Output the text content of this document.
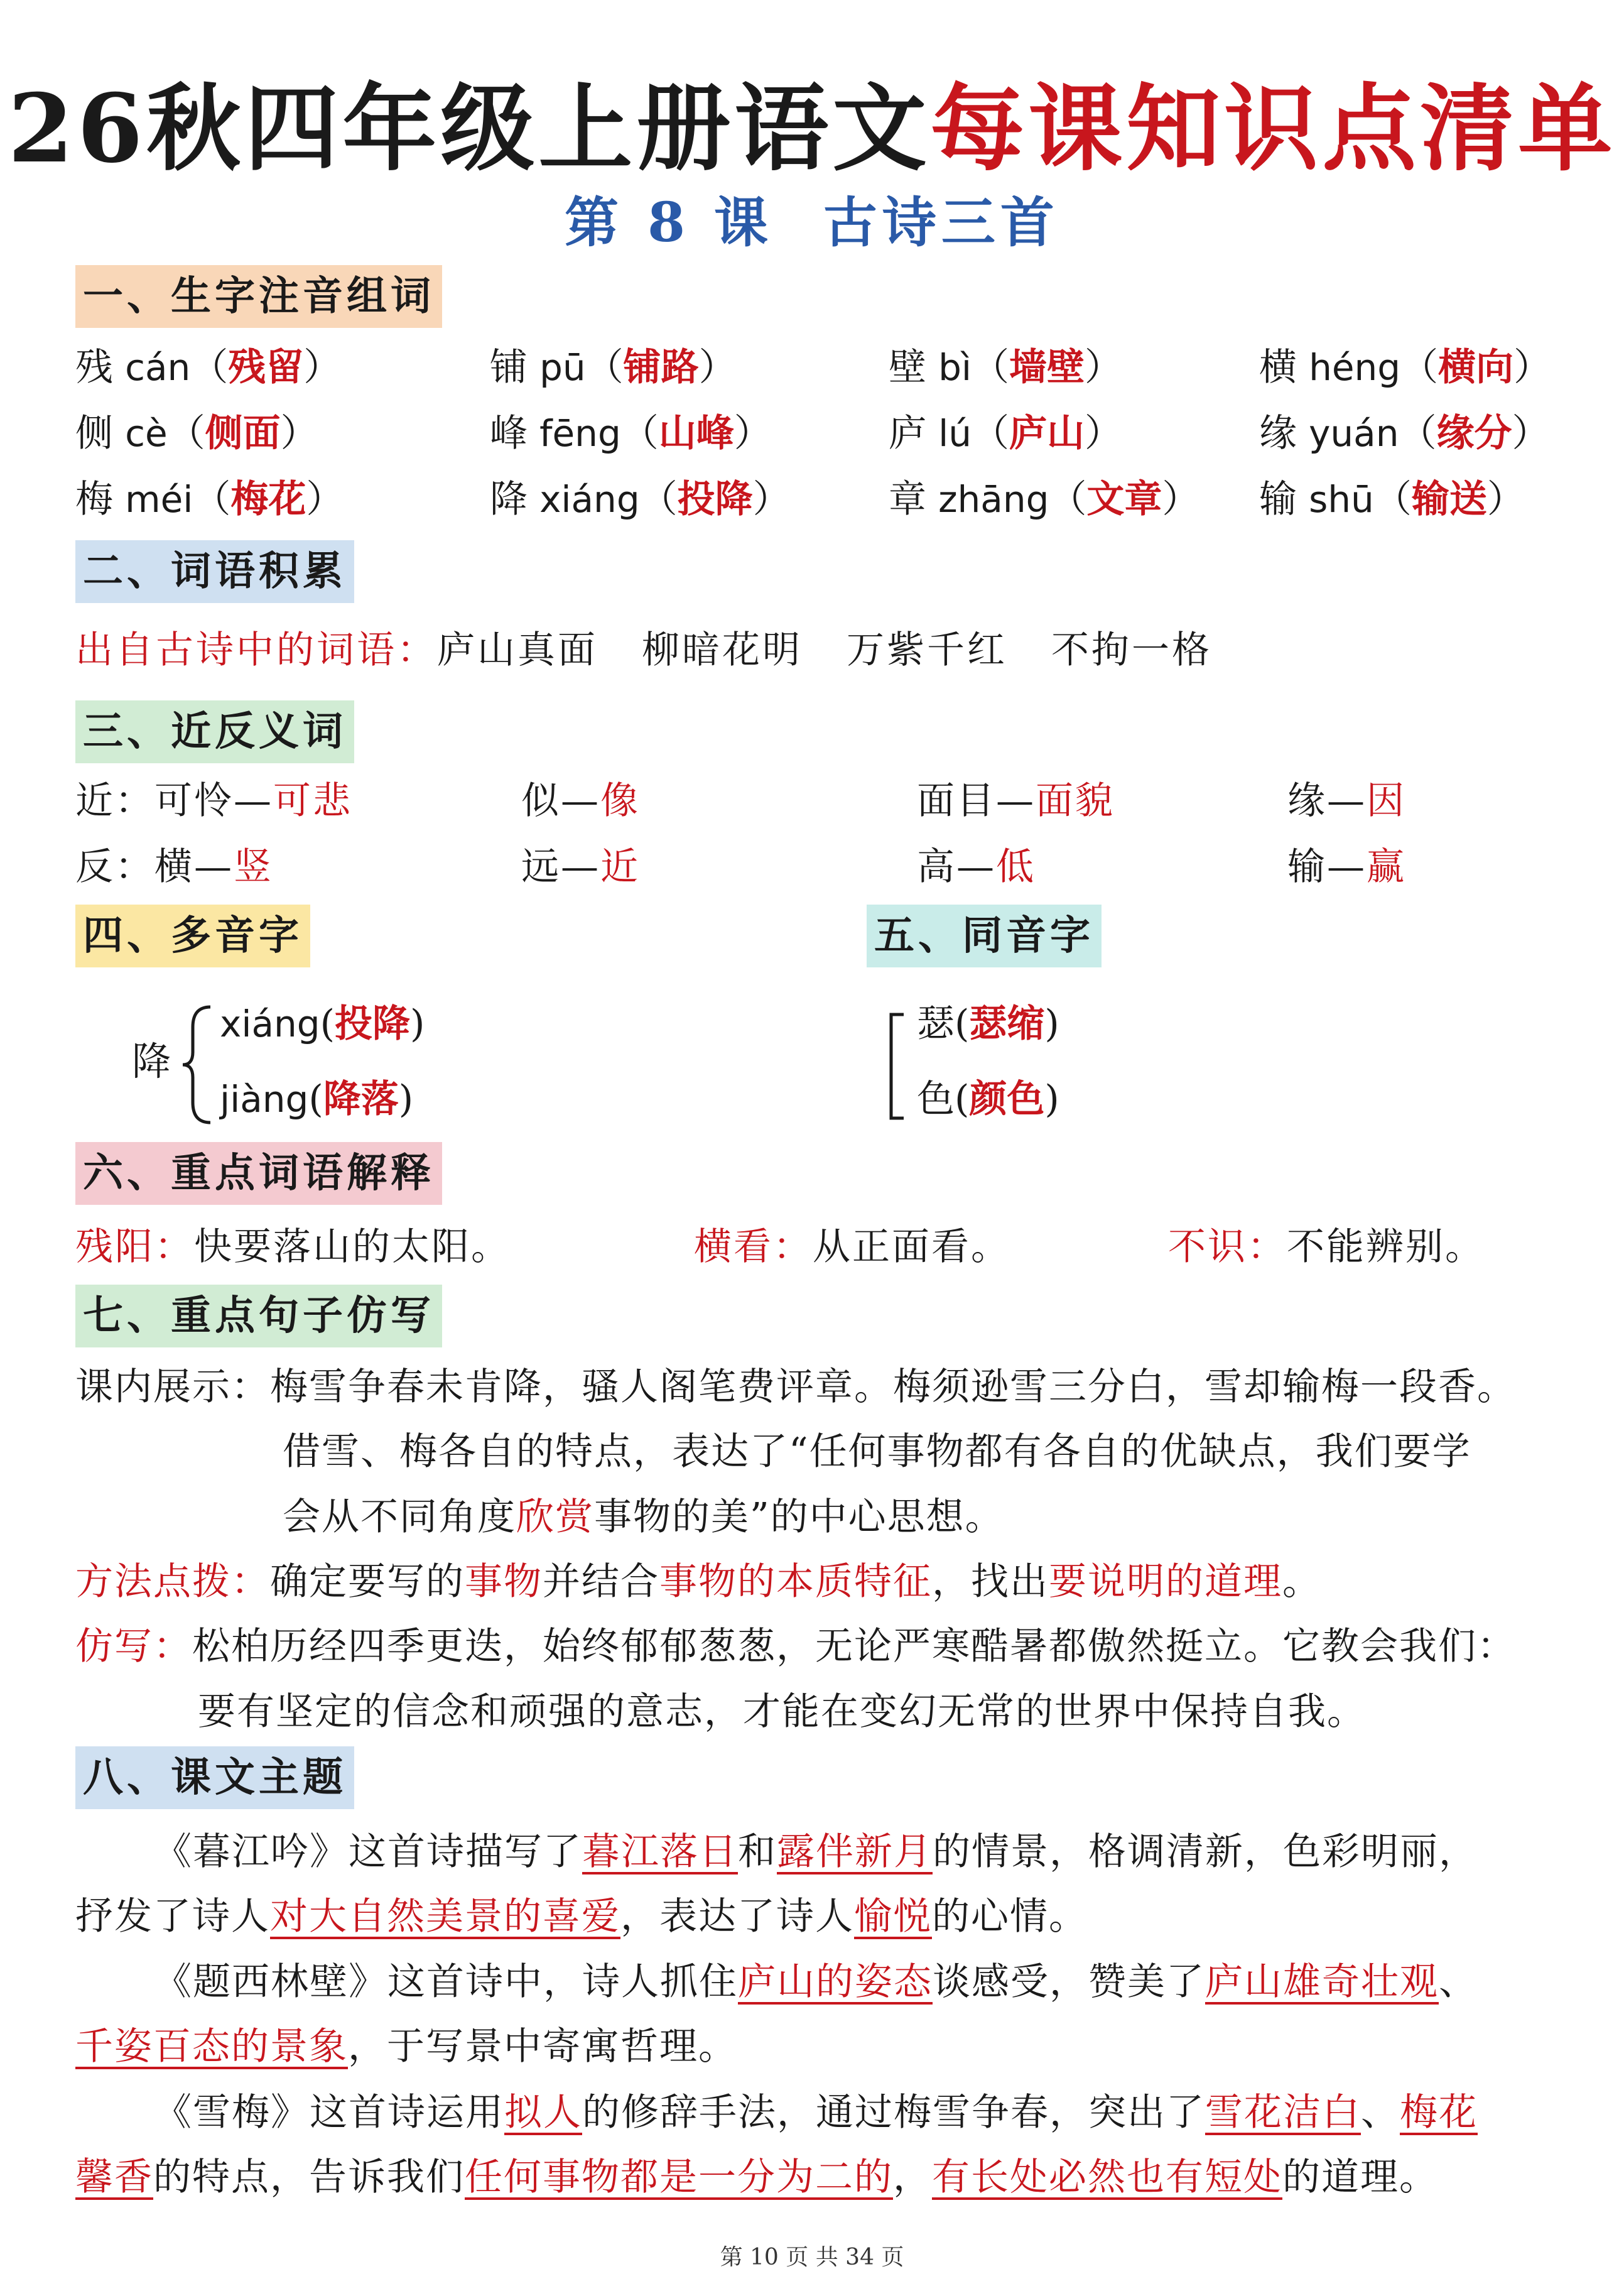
26秋四年级上册语文每课知识点清单
第 8 课 古诗三首
一、生字注音组词
残 cán（残留）	铺 pū（铺路）	壁 bì（墙壁）	横 héng（横向）
侧 cè（侧面）	峰 fēng（山峰）	庐 lú（庐山）	缘 yuán（缘分）
梅 méi（梅花）	降 xiáng（投降）	章 zhāng（文章） 输 shū（输送）
二、词语积累
出自古诗中的词语：庐山真面 柳暗花明 万紫千红 不拘一格
三、近反义词
近：可怜—可悲	似—像	面目—面貌	缘—因
反：横—竖	远—近	高—低	输—赢
四、多音字	五、同音字
降
xiáng(投降)
jiàng(降落)
瑟(瑟缩)
色(颜色)
六、重点词语解释
残阳：快要落山的太阳。	横看：从正面看。	不识：不能辨别。
七、重点句子仿写
课内展示：梅雪争春未肯降，骚人阁笔费评章。梅须逊雪三分白，雪却输梅一段香。
借雪、梅各自的特点，表达了“任何事物都有各自的优缺点，我们要学
会从不同角度欣赏事物的美”的中心思想。
方法点拨：确定要写的事物并结合事物的本质特征，找出要说明的道理。
仿写：松柏历经四季更迭，始终郁郁葱葱，无论严寒酷暑都傲然挺立。它教会我们：
要有坚定的信念和顽强的意志，才能在变幻无常的世界中保持自我。
八、课文主题
《暮江吟》这首诗描写了暮江落日和露伴新月的情景，格调清新，色彩明丽，
抒发了诗人对大自然美景的喜爱，表达了诗人愉悦的心情。
《题西林壁》这首诗中，诗人抓住庐山的姿态谈感受，赞美了庐山雄奇壮观、
千姿百态的景象，于写景中寄寓哲理。
《雪梅》这首诗运用拟人的修辞手法，通过梅雪争春，突出了雪花洁白、梅花
馨香的特点，告诉我们任何事物都是一分为二的，有长处必然也有短处的道理。
第 10 页 共 34 页
